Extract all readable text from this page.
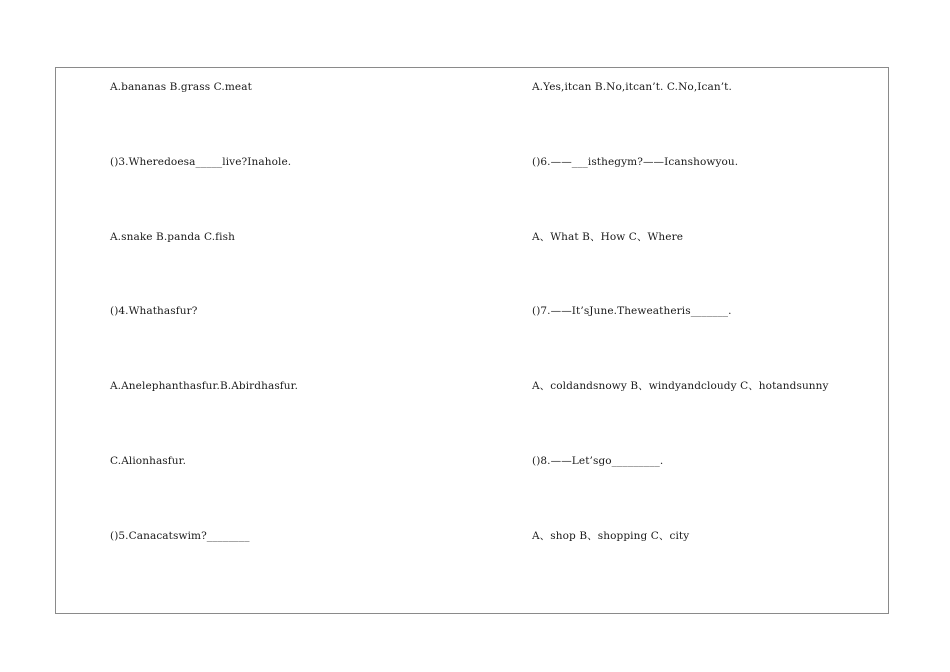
A.bananas B.grass C.meat
()3.Wheredoesa_____live?Inahole.
A.snake B.panda C.fish
()4.Whathasfur?
A.Anelephanthasfur.B.Abirdhasfur.
C.Alionhasfur.
()5.Canacatswim?________
A.Yes,itcan B.No,itcan’t. C.No,Ican’t.
()6.——___isthegym?——Icanshowyou.
A、What B、How C、Where
()7.——It’sJune.Theweatheris_______.
A、coldandsnowy B、windyandcloudy C、hotandsunny
()8.——Let’sgo_________.
A、shop B、shopping C、city
